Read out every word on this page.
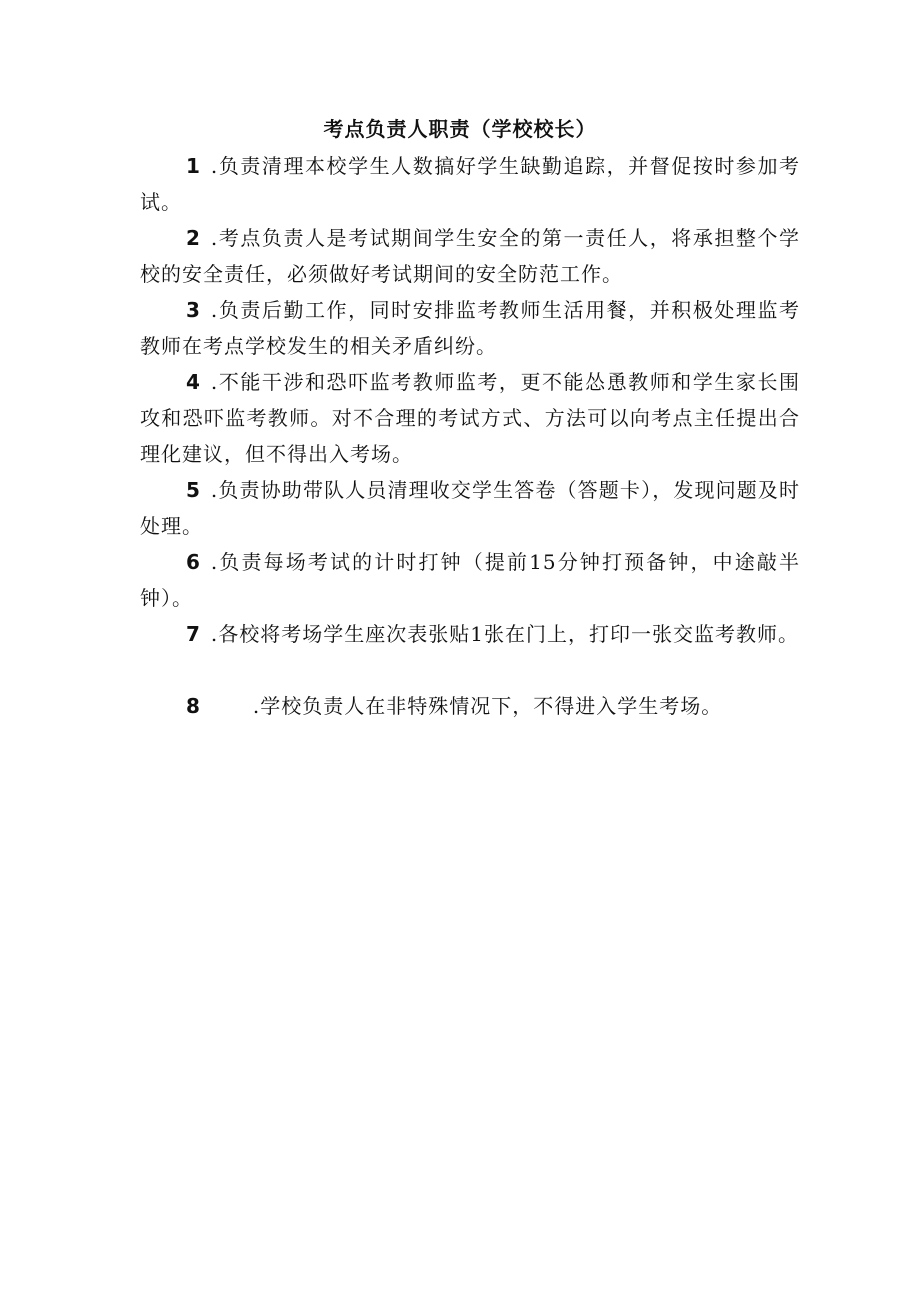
考点负责人职责（学校校长）

1 .负责清理本校学生人数搞好学生缺勤追踪，并督促按时参加考试。

2 .考点负责人是考试期间学生安全的第一责任人，将承担整个学校的安全责任，必须做好考试期间的安全防范工作。

3 .负责后勤工作，同时安排监考教师生活用餐，并积极处理监考教师在考点学校发生的相关矛盾纠纷。

4 .不能干涉和恐吓监考教师监考，更不能怂恿教师和学生家长围攻和恐吓监考教师。对不合理的考试方式、方法可以向考点主任提出合理化建议，但不得出入考场。

5 .负责协助带队人员清理收交学生答卷（答题卡），发现问题及时处理。

6 .负责每场考试的计时打钟（提前15分钟打预备钟，中途敲半钟）。

7 .各校将考场学生座次表张贴1张在门上，打印一张交监考教师。

8	.学校负责人在非特殊情况下，不得进入学生考场。
